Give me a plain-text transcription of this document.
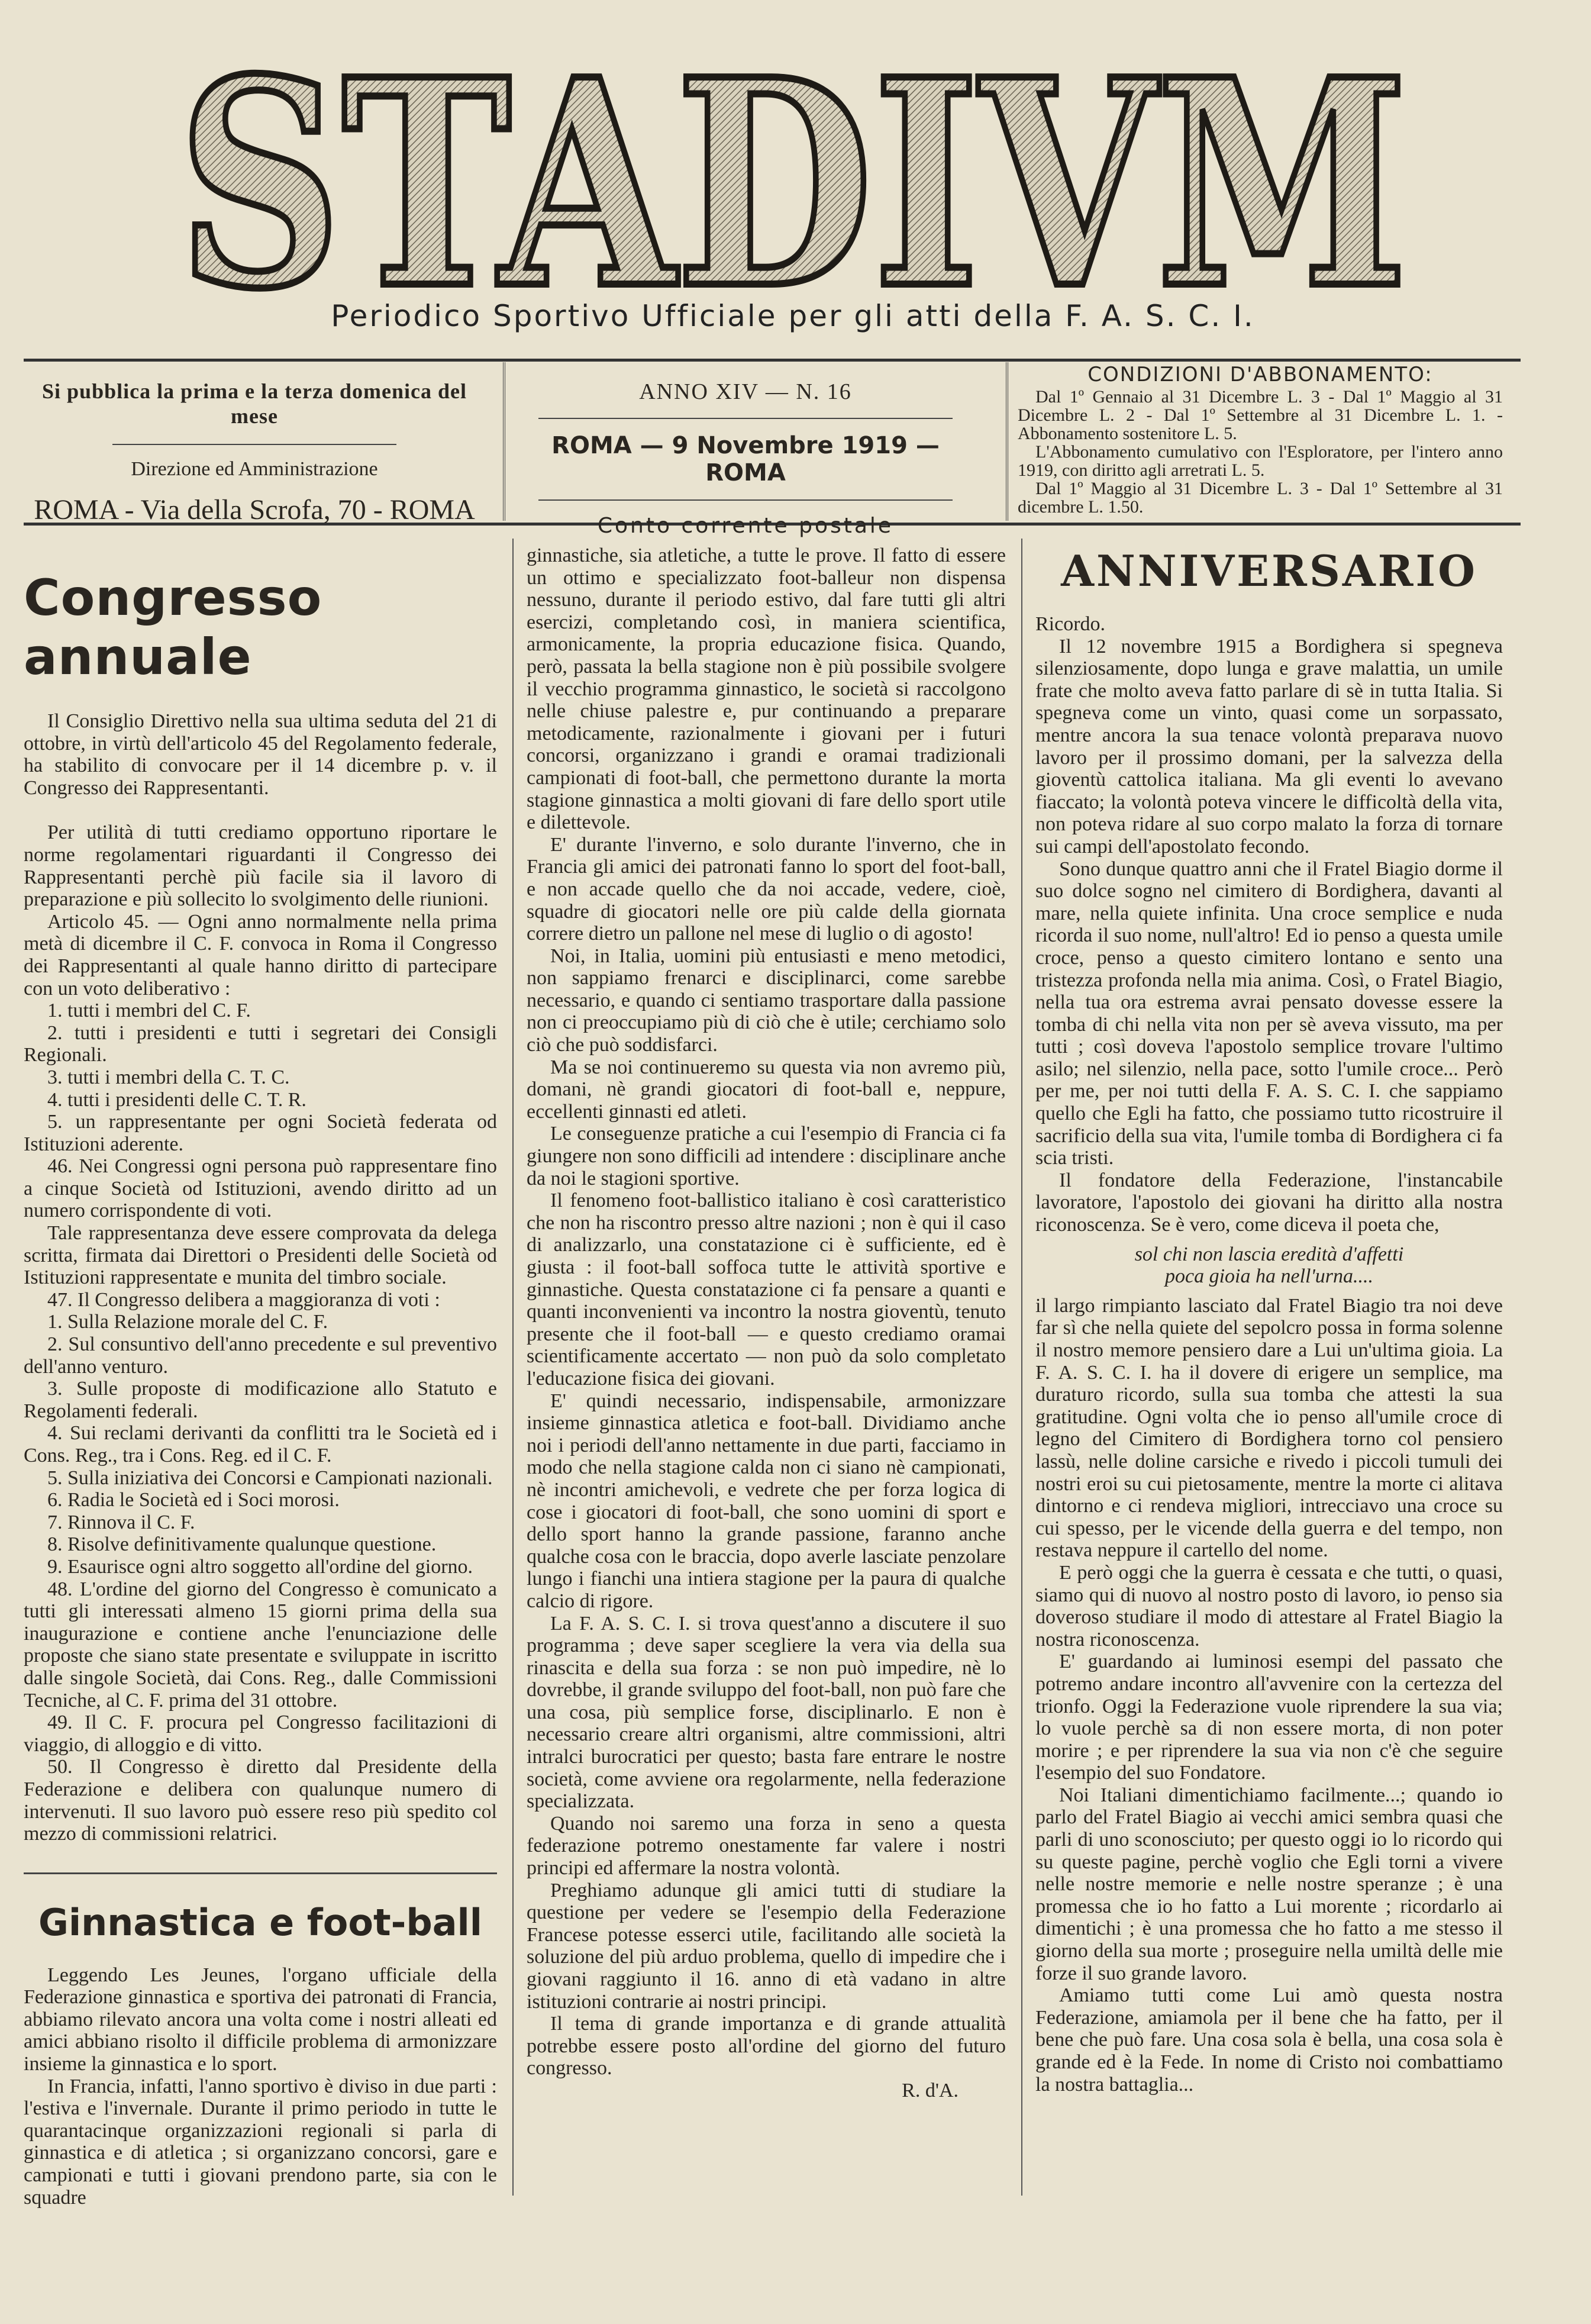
STADIVM
Periodico Sportivo Ufficiale per gli atti della F. A. S. C. I.
Si pubblica la prima e la terza domenica del mese
Direzione ed Amministrazione
ROMA - Via della Scrofa, 70 - ROMA
ANNO XIV — N. 16
ROMA — 9 Novembre 1919 — ROMA
Conto corrente postale
CONDIZIONI D'ABBONAMENTO:

Dal 1º Gennaio al 31 Dicembre L. 3 - Dal 1º Maggio al 31 Dicembre L. 2 - Dal 1º Settembre al 31 Dicembre L. 1. - Abbonamento sostenitore L. 5.

L'Abbonamento cumulativo con l'Esploratore, per l'intero anno 1919, con diritto agli arretrati L. 5.

Dal 1º Maggio al 31 Dicembre L. 3 - Dal 1º Settembre al 31 dicembre L. 1.50.

Congresso annuale

Il Consiglio Direttivo nella sua ultima seduta del 21 di ottobre, in virtù dell'articolo 45 del Regolamento federale, ha stabilito di convocare per il 14 dicembre p. v. il Congresso dei Rappresentanti.

Per utilità di tutti crediamo opportuno riportare le norme regolamentari riguardanti il Congresso dei Rappresentanti perchè più facile sia il lavoro di preparazione e più sollecito lo svolgimento delle riunioni.

Articolo 45. — Ogni anno normalmente nella prima metà di dicembre il C. F. convoca in Roma il Congresso dei Rappresentanti al quale hanno diritto di partecipare con un voto deliberativo :

1. tutti i membri del C. F.

2. tutti i presidenti e tutti i segretari dei Consigli Regionali.

3. tutti i membri della C. T. C.

4. tutti i presidenti delle C. T. R.

5. un rappresentante per ogni Società federata od Istituzioni aderente.

46. Nei Congressi ogni persona può rappresentare fino a cinque Società od Istituzioni, avendo diritto ad un numero corrispondente di voti.

Tale rappresentanza deve essere comprovata da delega scritta, firmata dai Direttori o Presidenti delle Società od Istituzioni rappresentate e munita del timbro sociale.

47. Il Congresso delibera a maggioranza di voti :

1. Sulla Relazione morale del C. F.

2. Sul consuntivo dell'anno precedente e sul preventivo dell'anno venturo.

3. Sulle proposte di modificazione allo Statuto e Regolamenti federali.

4. Sui reclami derivanti da conflitti tra le Società ed i Cons. Reg., tra i Cons. Reg. ed il C. F.

5. Sulla iniziativa dei Concorsi e Campionati nazionali.

6. Radia le Società ed i Soci morosi.

7. Rinnova il C. F.

8. Risolve definitivamente qualunque questione.

9. Esaurisce ogni altro soggetto all'ordine del giorno.

48. L'ordine del giorno del Congresso è comunicato a tutti gli interessati almeno 15 giorni prima della sua inaugurazione e contiene anche l'enunciazione delle proposte che siano state presentate e sviluppate in iscritto dalle singole Società, dai Cons. Reg., dalle Commissioni Tecniche, al C. F. prima del 31 ottobre.

49. Il C. F. procura pel Congresso facilitazioni di viaggio, di alloggio e di vitto.

50. Il Congresso è diretto dal Presidente della Federazione e delibera con qualunque numero di intervenuti. Il suo lavoro può essere reso più spedito col mezzo di commissioni relatrici.

Ginnastica e foot-ball

Leggendo Les Jeunes, l'organo ufficiale della Federazione ginnastica e sportiva dei patronati di Francia, abbiamo rilevato ancora una volta come i nostri alleati ed amici abbiano risolto il difficile problema di armonizzare insieme la ginnastica e lo sport.

In Francia, infatti, l'anno sportivo è diviso in due parti : l'estiva e l'invernale. Durante il primo periodo in tutte le quarantacinque organizzazioni regionali si parla di ginnastica e di atletica ; si organizzano concorsi, gare e campionati e tutti i giovani prendono parte, sia con le squadre

ginnastiche, sia atletiche, a tutte le prove. Il fatto di essere un ottimo e specializzato foot-balleur non dispensa nessuno, durante il periodo estivo, dal fare tutti gli altri esercizi, completando così, in maniera scientifica, armonicamente, la propria educazione fisica. Quando, però, passata la bella stagione non è più possibile svolgere il vecchio programma ginnastico, le società si raccolgono nelle chiuse palestre e, pur continuando a preparare metodicamente, razionalmente i giovani per i futuri concorsi, organizzano i grandi e oramai tradizionali campionati di foot-ball, che permettono durante la morta stagione ginnastica a molti giovani di fare dello sport utile e dilettevole.

E' durante l'inverno, e solo durante l'inverno, che in Francia gli amici dei patronati fanno lo sport del foot-ball, e non accade quello che da noi accade, vedere, cioè, squadre di giocatori nelle ore più calde della giornata correre dietro un pallone nel mese di luglio o di agosto!

Noi, in Italia, uomini più entusiasti e meno metodici, non sappiamo frenarci e disciplinarci, come sarebbe necessario, e quando ci sentiamo trasportare dalla passione non ci preoccupiamo più di ciò che è utile; cerchiamo solo ciò che può soddisfarci.

Ma se noi continueremo su questa via non avremo più, domani, nè grandi giocatori di foot-ball e, neppure, eccellenti ginnasti ed atleti.

Le conseguenze pratiche a cui l'esempio di Francia ci fa giungere non sono difficili ad intendere : disciplinare anche da noi le stagioni sportive.

Il fenomeno foot-ballistico italiano è così caratteristico che non ha riscontro presso altre nazioni ; non è qui il caso di analizzarlo, una constatazione ci è sufficiente, ed è giusta : il foot-ball soffoca tutte le attività sportive e ginnastiche. Questa constatazione ci fa pensare a quanti e quanti inconvenienti va incontro la nostra gioventù, tenuto presente che il foot-ball — e questo crediamo oramai scientificamente accertato — non può da solo completato l'educazione fisica dei giovani.

E' quindi necessario, indispensabile, armonizzare insieme ginnastica atletica e foot-ball. Dividiamo anche noi i periodi dell'anno nettamente in due parti, facciamo in modo che nella stagione calda non ci siano nè campionati, nè incontri amichevoli, e vedrete che per forza logica di cose i giocatori di foot-ball, che sono uomini di sport e dello sport hanno la grande passione, faranno anche qualche cosa con le braccia, dopo averle lasciate penzolare lungo i fianchi una intiera stagione per la paura di qualche calcio di rigore.

La F. A. S. C. I. si trova quest'anno a discutere il suo programma ; deve saper scegliere la vera via della sua rinascita e della sua forza : se non può impedire, nè lo dovrebbe, il grande sviluppo del foot-ball, non può fare che una cosa, più semplice forse, disciplinarlo. E non è necessario creare altri organismi, altre commissioni, altri intralci burocratici per questo; basta fare entrare le nostre società, come avviene ora regolarmente, nella federazione specializzata.

Quando noi saremo una forza in seno a questa federazione potremo onestamente far valere i nostri principi ed affermare la nostra volontà.

Preghiamo adunque gli amici tutti di studiare la questione per vedere se l'esempio della Federazione Francese potesse esserci utile, facilitando alle società la soluzione del più arduo problema, quello di impedire che i giovani raggiunto il 16. anno di età vadano in altre istituzioni contrarie ai nostri principi.

Il tema di grande importanza e di grande attualità potrebbe essere posto all'ordine del giorno del futuro congresso.

R. d'A.

ANNIVERSARIO

Ricordo.

Il 12 novembre 1915 a Bordighera si spegneva silenziosamente, dopo lunga e grave malattia, un umile frate che molto aveva fatto parlare di sè in tutta Italia. Si spegneva come un vinto, quasi come un sorpassato, mentre ancora la sua tenace volontà preparava nuovo lavoro per il prossimo domani, per la salvezza della gioventù cattolica italiana. Ma gli eventi lo avevano fiaccato; la volontà poteva vincere le difficoltà della vita, non poteva ridare al suo corpo malato la forza di tornare sui campi dell'apostolato fecondo.

Sono dunque quattro anni che il Fratel Biagio dorme il suo dolce sogno nel cimitero di Bordighera, davanti al mare, nella quiete infinita. Una croce semplice e nuda ricorda il suo nome, null'altro! Ed io penso a questa umile croce, penso a questo cimitero lontano e sento una tristezza profonda nella mia anima. Così, o Fratel Biagio, nella tua ora estrema avrai pensato dovesse essere la tomba di chi nella vita non per sè aveva vissuto, ma per tutti ; così doveva l'apostolo semplice trovare l'ultimo asilo; nel silenzio, nella pace, sotto l'umile croce... Però per me, per noi tutti della F. A. S. C. I. che sappiamo quello che Egli ha fatto, che possiamo tutto ricostruire il sacrificio della sua vita, l'umile tomba di Bordighera ci fa scia tristi.

Il fondatore della Federazione, l'instancabile lavoratore, l'apostolo dei giovani ha diritto alla nostra riconoscenza. Se è vero, come diceva il poeta che,

sol chi non lascia eredità d'affetti

poca gioia ha nell'urna....

il largo rimpianto lasciato dal Fratel Biagio tra noi deve far sì che nella quiete del sepolcro possa in forma solenne il nostro memore pensiero dare a Lui un'ultima gioia. La F. A. S. C. I. ha il dovere di erigere un semplice, ma duraturo ricordo, sulla sua tomba che attesti la sua gratitudine. Ogni volta che io penso all'umile croce di legno del Cimitero di Bordighera torno col pensiero lassù, nelle doline carsiche e rivedo i piccoli tumuli dei nostri eroi su cui pietosamente, mentre la morte ci alitava dintorno e ci rendeva migliori, intrecciavo una croce su cui spesso, per le vicende della guerra e del tempo, non restava neppure il cartello del nome.

E però oggi che la guerra è cessata e che tutti, o quasi, siamo qui di nuovo al nostro posto di lavoro, io penso sia doveroso studiare il modo di attestare al Fratel Biagio la nostra riconoscenza.

E' guardando ai luminosi esempi del passato che potremo andare incontro all'avvenire con la certezza del trionfo. Oggi la Federazione vuole riprendere la sua via; lo vuole perchè sa di non essere morta, di non poter morire ; e per riprendere la sua via non c'è che seguire l'esempio del suo Fondatore.

Noi Italiani dimentichiamo facilmente...; quando io parlo del Fratel Biagio ai vecchi amici sembra quasi che parli di uno sconosciuto; per questo oggi io lo ricordo qui su queste pagine, perchè voglio che Egli torni a vivere nelle nostre memorie e nelle nostre speranze ; è una promessa che io ho fatto a Lui morente ; ricordarlo ai dimentichi ; è una promessa che ho fatto a me stesso il giorno della sua morte ; proseguire nella umiltà delle mie forze il suo grande lavoro.

Amiamo tutti come Lui amò questa nostra Federazione, amiamola per il bene che ha fatto, per il bene che può fare. Una cosa sola è bella, una cosa sola è grande ed è la Fede. In nome di Cristo noi combattiamo la nostra battaglia...
